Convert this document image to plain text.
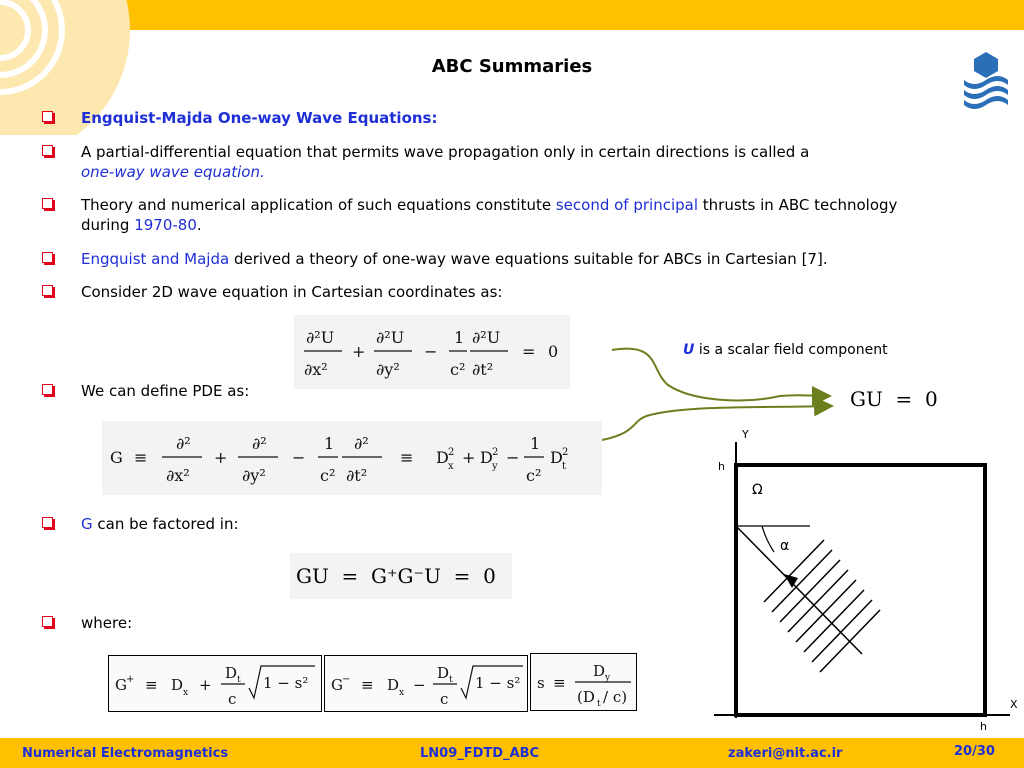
ABC Summaries
Engquist-Majda One-way Wave Equations:
A partial-differential equation that permits wave propagation only in certain directions is called a
one-way wave equation.
Theory and numerical application of such equations constitute second of principal thrusts in ABC technology during 1970-80.
Engquist and Majda derived a theory of one-way wave equations suitable for ABCs in Cartesian [7].
Consider 2D wave equation in Cartesian coordinates as:
∂²U
∂x²
+
∂²U
∂y²
−
1
c²
∂²U
∂t²
= 0	U is a scalar field component
GU  =  0
We can define PDE as:
G ≡
∂²
∂x²
+
∂²
∂y²
−
1
c²
∂²
∂t²
≡ D 2
x + D 2
y −
1
c²
D 2
t
G can be factored in:
GU  =  G⁺G⁻U  =  0
where:
G + ≡ D x +
D t
c
1 − s² G − ≡ D x −
D t
c
1 − s² s ≡
D y
(D t / c)
Y
h
Ω
α
X
h
Numerical Electromagnetics	LN09_FDTD_ABC	zakeri@nit.ac.ir	20/30
